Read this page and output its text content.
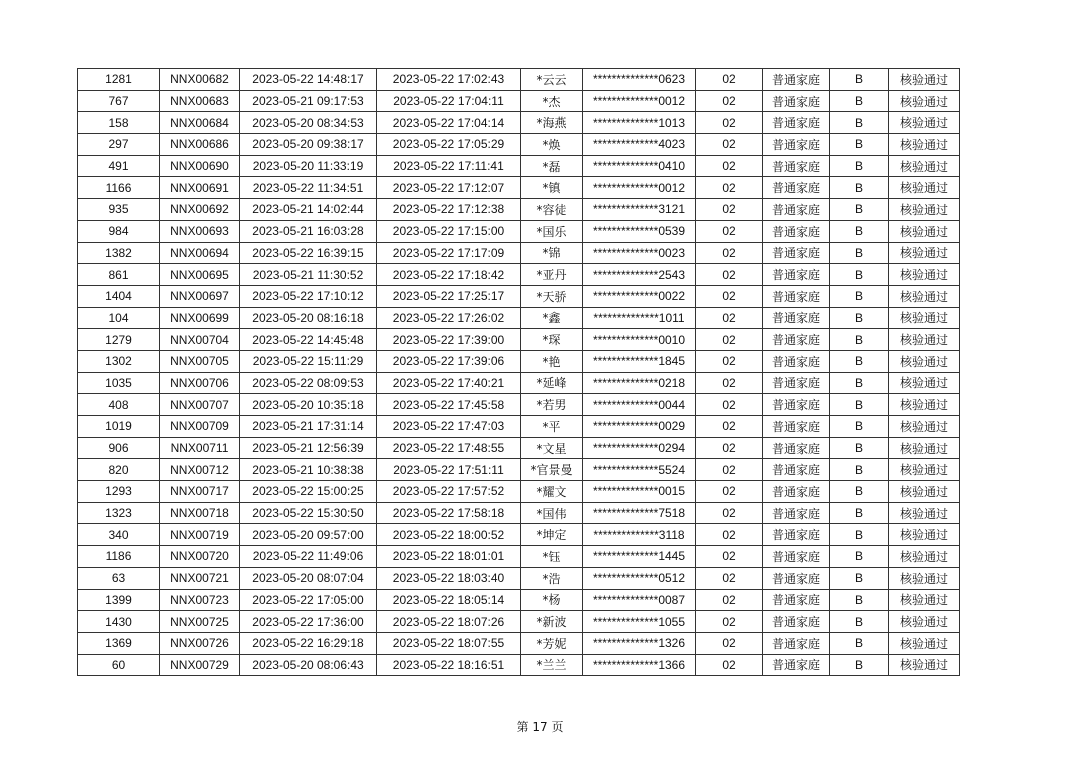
1281	NNX00682	2023-05-22 14:48:17	2023-05-22 17:02:43	*云云	**************0623	02	普通家庭	B	核验通过
767	NNX00683	2023-05-21 09:17:53	2023-05-22 17:04:11	*杰	**************0012	02	普通家庭	B	核验通过
158	NNX00684	2023-05-20 08:34:53	2023-05-22 17:04:14	*海燕	**************1013	02	普通家庭	B	核验通过
297	NNX00686	2023-05-20 09:38:17	2023-05-22 17:05:29	*焕	**************4023	02	普通家庭	B	核验通过
491	NNX00690	2023-05-20 11:33:19	2023-05-22 17:11:41	*磊	**************0410	02	普通家庭	B	核验通过
1166	NNX00691	2023-05-22 11:34:51	2023-05-22 17:12:07	*镇	**************0012	02	普通家庭	B	核验通过
935	NNX00692	2023-05-21 14:02:44	2023-05-22 17:12:38	*容徒	**************3121	02	普通家庭	B	核验通过
984	NNX00693	2023-05-21 16:03:28	2023-05-22 17:15:00	*国乐	**************0539	02	普通家庭	B	核验通过
1382	NNX00694	2023-05-22 16:39:15	2023-05-22 17:17:09	*锦	**************0023	02	普通家庭	B	核验通过
861	NNX00695	2023-05-21 11:30:52	2023-05-22 17:18:42	*亚丹	**************2543	02	普通家庭	B	核验通过
1404	NNX00697	2023-05-22 17:10:12	2023-05-22 17:25:17	*天骄	**************0022	02	普通家庭	B	核验通过
104	NNX00699	2023-05-20 08:16:18	2023-05-22 17:26:02	*鑫	**************1011	02	普通家庭	B	核验通过
1279	NNX00704	2023-05-22 14:45:48	2023-05-22 17:39:00	*琛	**************0010	02	普通家庭	B	核验通过
1302	NNX00705	2023-05-22 15:11:29	2023-05-22 17:39:06	*艳	**************1845	02	普通家庭	B	核验通过
1035	NNX00706	2023-05-22 08:09:53	2023-05-22 17:40:21	*延峰	**************0218	02	普通家庭	B	核验通过
408	NNX00707	2023-05-20 10:35:18	2023-05-22 17:45:58	*若男	**************0044	02	普通家庭	B	核验通过
1019	NNX00709	2023-05-21 17:31:14	2023-05-22 17:47:03	*平	**************0029	02	普通家庭	B	核验通过
906	NNX00711	2023-05-21 12:56:39	2023-05-22 17:48:55	*文星	**************0294	02	普通家庭	B	核验通过
820	NNX00712	2023-05-21 10:38:38	2023-05-22 17:51:11	*官景曼	**************5524	02	普通家庭	B	核验通过
1293	NNX00717	2023-05-22 15:00:25	2023-05-22 17:57:52	*耀文	**************0015	02	普通家庭	B	核验通过
1323	NNX00718	2023-05-22 15:30:50	2023-05-22 17:58:18	*国伟	**************7518	02	普通家庭	B	核验通过
340	NNX00719	2023-05-20 09:57:00	2023-05-22 18:00:52	*坤定	**************3118	02	普通家庭	B	核验通过
1186	NNX00720	2023-05-22 11:49:06	2023-05-22 18:01:01	*钰	**************1445	02	普通家庭	B	核验通过
63	NNX00721	2023-05-20 08:07:04	2023-05-22 18:03:40	*浩	**************0512	02	普通家庭	B	核验通过
1399	NNX00723	2023-05-22 17:05:00	2023-05-22 18:05:14	*杨	**************0087	02	普通家庭	B	核验通过
1430	NNX00725	2023-05-22 17:36:00	2023-05-22 18:07:26	*新波	**************1055	02	普通家庭	B	核验通过
1369	NNX00726	2023-05-22 16:29:18	2023-05-22 18:07:55	*芳妮	**************1326	02	普通家庭	B	核验通过
60	NNX00729	2023-05-20 08:06:43	2023-05-22 18:16:51	*兰兰	**************1366	02	普通家庭	B	核验通过
第 17 页
